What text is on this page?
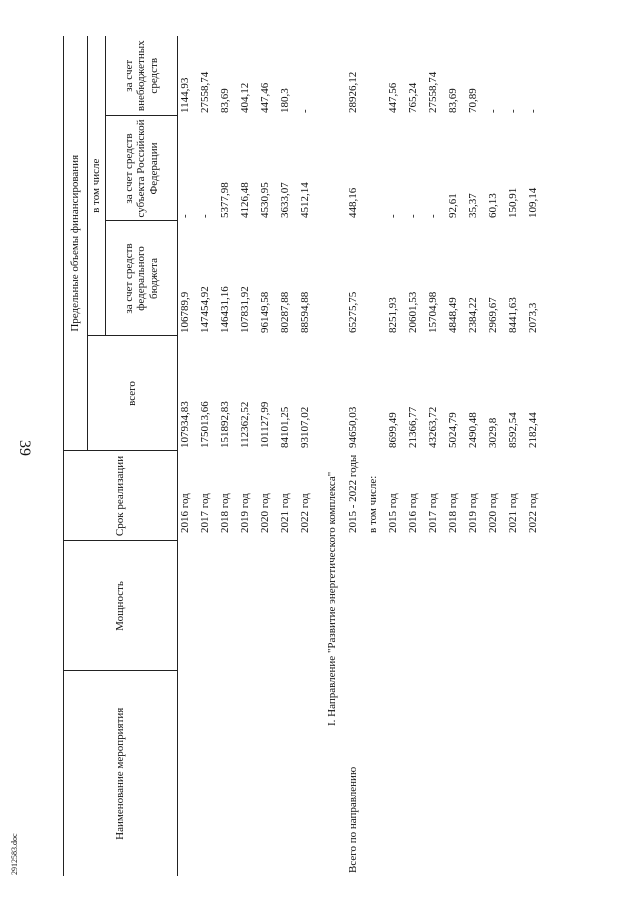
39
2912583.doc
Наименование мероприятия	Мощность	Срок реализации	Предельные объемы финансирования			
			всего	в том числе		
				за счет средств федерального бюджета	за счет средств субъекта Российской Федерации	за счет внебюджетных средств
		2016 год	107934,83	106789,9	-	1144,93
		2017 год	175013,66	147454,92	-	27558,74
		2018 год	151892,83	146431,16	5377,98	83,69
		2019 год	112362,52	107831,92	4126,48	404,12
		2020 год	101127,99	96149,58	4530,95	447,46
		2021 год	84101,25	80287,88	3633,07	180,3
		2022 год	93107,02	88594,88	4512,14	-
I. Направление "Развитие энергетического комплекса"						
Всего по направлению		2015 - 2022 годы	94650,03	65275,75	448,16	28926,12
		в том числе:				
		2015 год	8699,49	8251,93	-	447,56
		2016 год	21366,77	20601,53	-	765,24
		2017 год	43263,72	15704,98	-	27558,74
		2018 год	5024,79	4848,49	92,61	83,69
		2019 год	2490,48	2384,22	35,37	70,89
		2020 год	3029,8	2969,67	60,13	-
		2021 год	8592,54	8441,63	150,91	-
		2022 год	2182,44	2073,3	109,14	-
